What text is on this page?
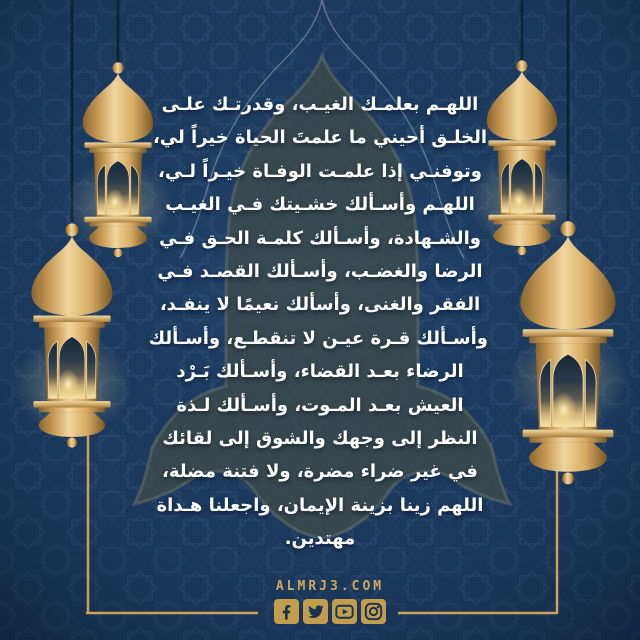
اللهـم بعلمـك الغيـب، وقدرتـك علـى
الخلـق أحيني ما علمتَ الحياة خيراً لي،
وتوفنـي إذا علمـت الوفـاة خيـراً لـي،
اللهـم وأسـألك خشـيتك فـي الغيـب
والشـهادة، وأسـألك كلمـة الحـق فـي
الرضا والغضـب، وأسـألك القصـد فـي
الفقر والغنى، وأسألك نعيمًا لا ينفـد،
وأسـألك قـرة عيـن لا تنقطـع، وأسـألك
الرضاء بعـد القضاء، وأسـألك بَـرْد
العيش بعـد المـوت، وأسـألك لـذة
النظر إلى وجهك والشوق إلى لقائك
في غير ضراء مضرة، ولا فتنة مضلة،
اللهم زينا بزينة الإيمان، واجعلنا هـداة
مهتدين.
ALMRJ3.COM
